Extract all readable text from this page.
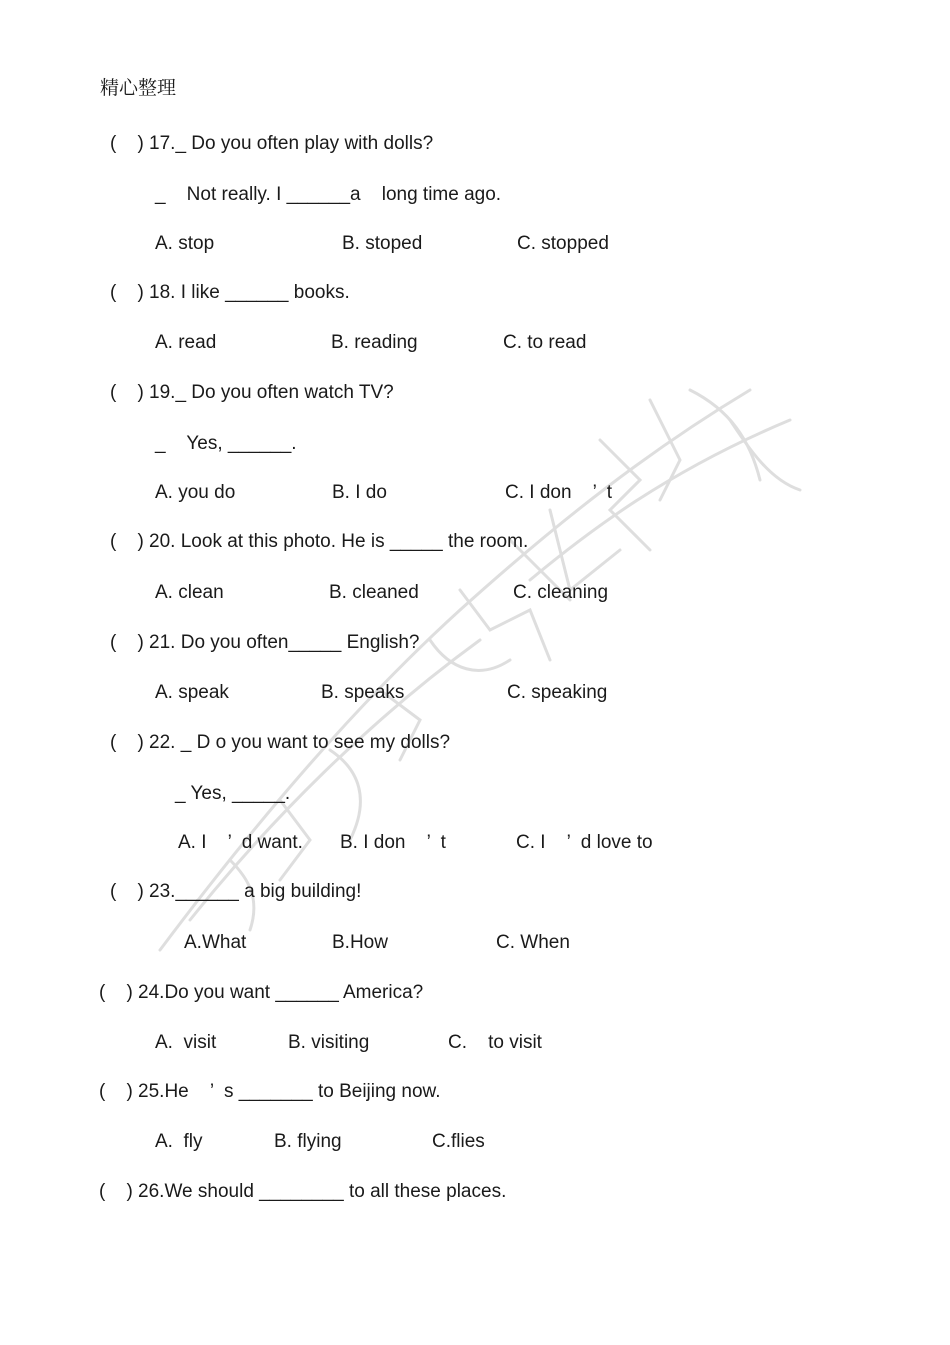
精心整理
(    ) 17._ Do you often play with dolls?
_    Not really. I ______a    long time ago.
A. stop	B. stoped	C. stopped
(    ) 18. I like ______ books.
A. read	B. reading	C. to read
(    ) 19._ Do you often watch TV?
_    Yes, ______.
A. you do	B. I do	C. I don    ’  t
(    ) 20. Look at this photo. He is _____ the room.
A. clean	B. cleaned	C. cleaning
(    ) 21. Do you often_____ English?
A. speak	B. speaks	C. speaking
(    ) 22. _ D o you want to see my dolls?
_ Yes, _____.
A. I    ’  d want. B. I don    ’  t	C. I    ’  d love to
(    ) 23.______ a big building!
A.What	B.How	C. When
(    ) 24.Do you want ______ America?
A.  visit	B. visiting	C.    to visit
(    ) 25.He    ’  s _______ to Beijing now.
A.  fly	B. flying	C.flies
(    ) 26.We should ________ to all these places.
